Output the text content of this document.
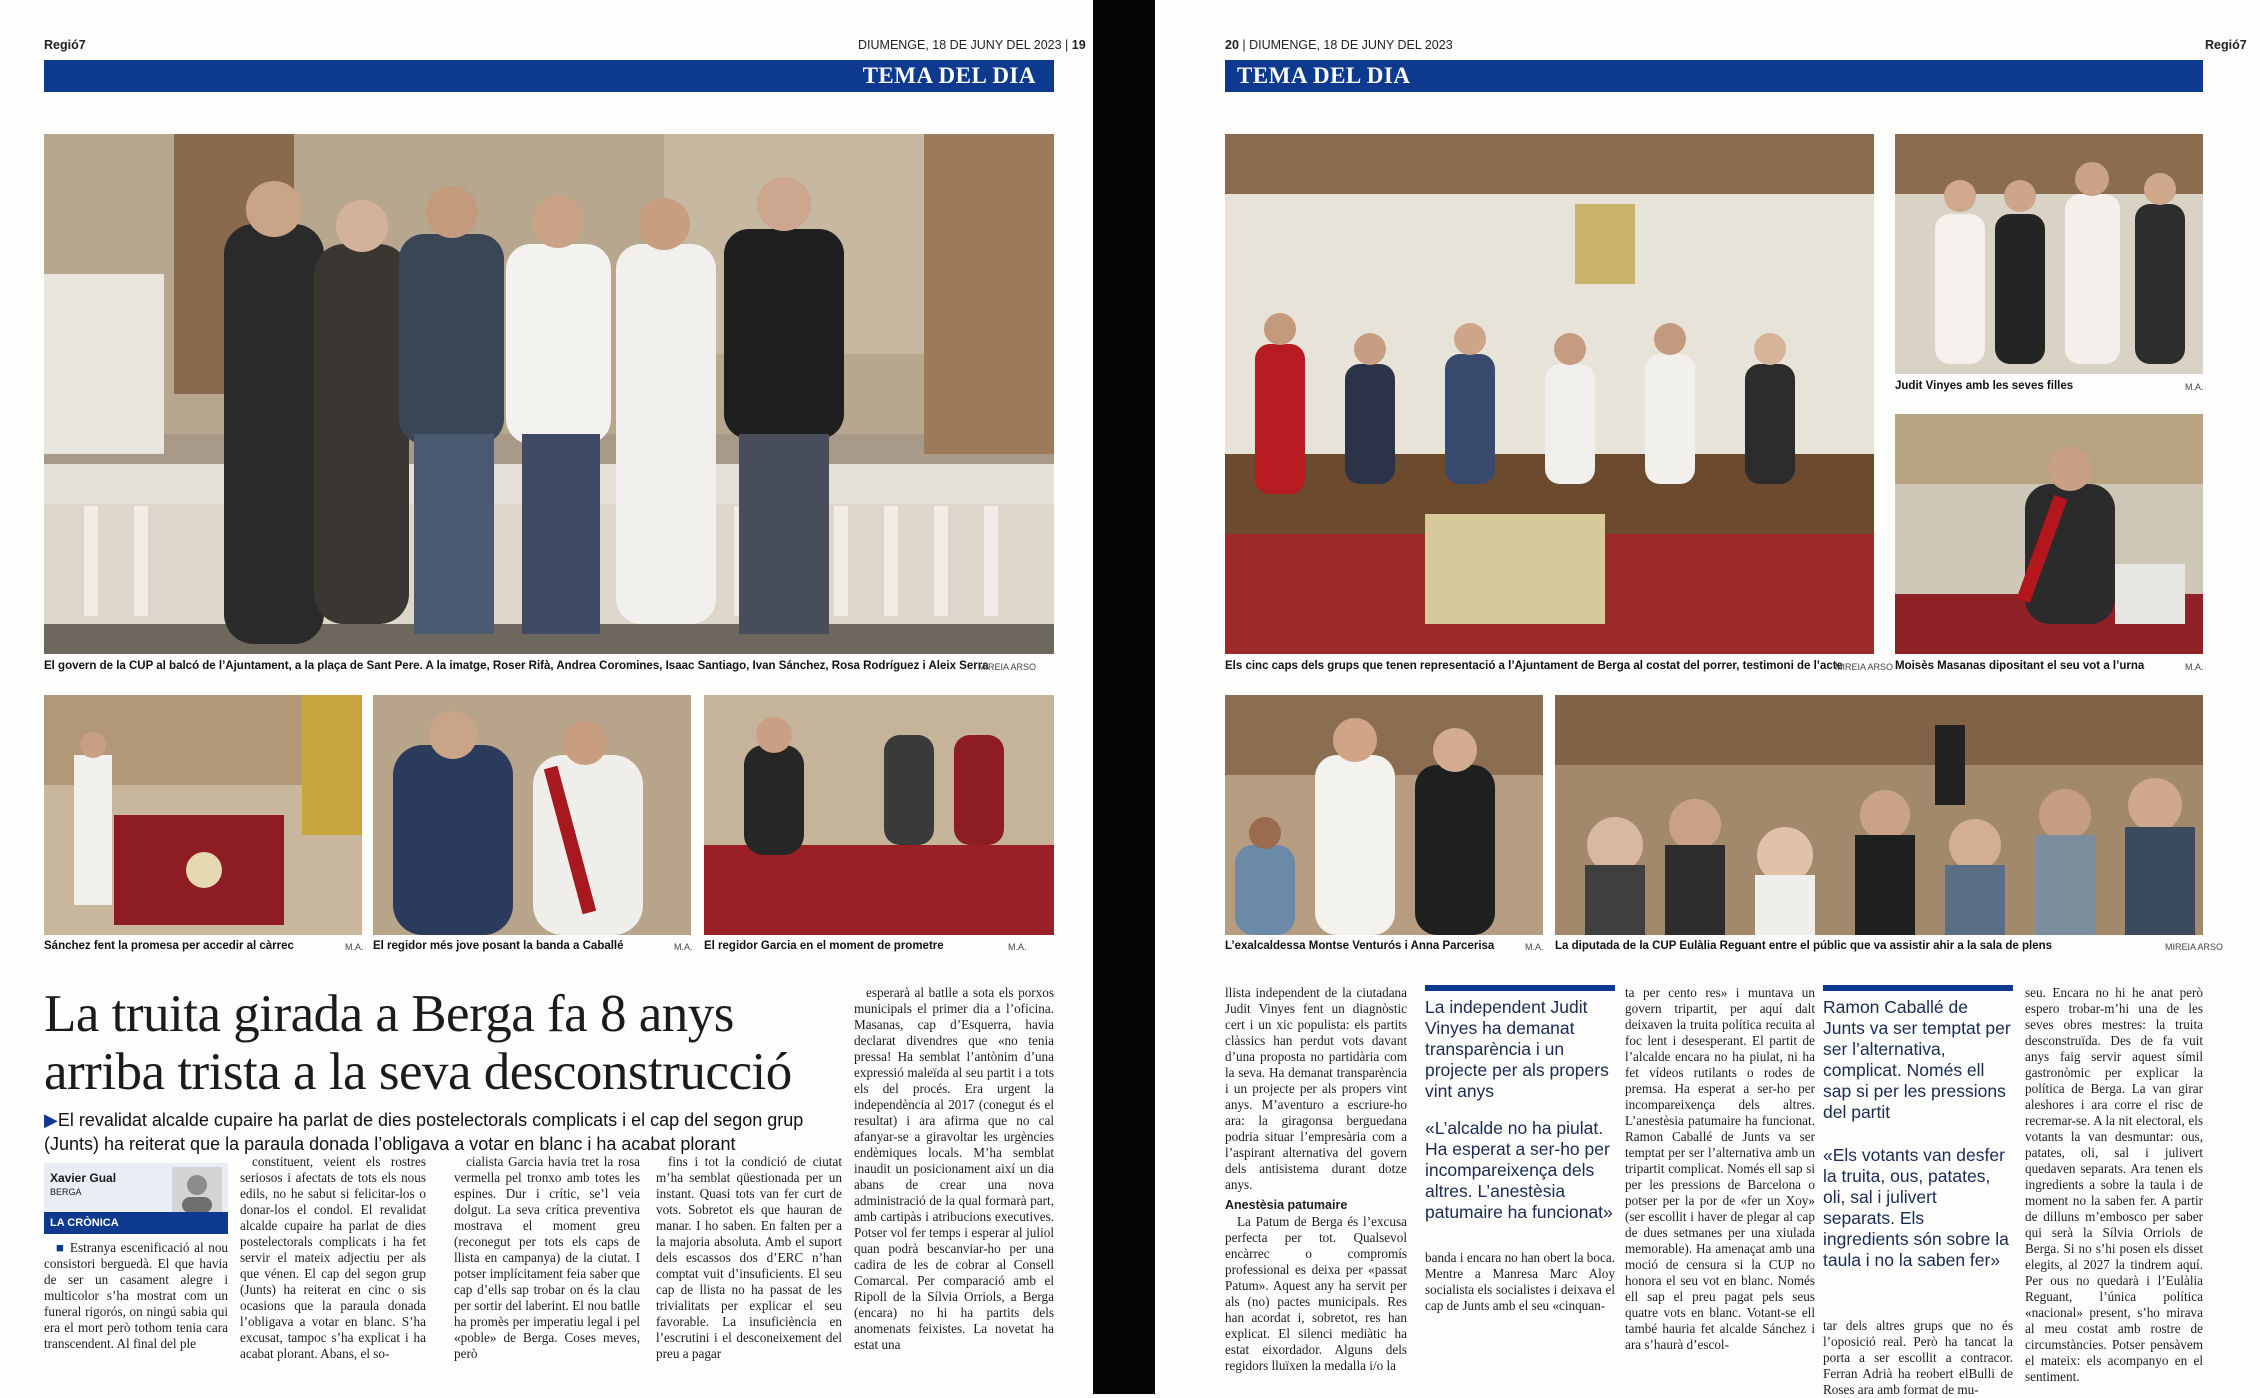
Regió7	DIUMENGE, 18 DE JUNY DEL 2023 | 19
TEMA DEL DIA
El govern de la CUP al balcó de l’Ajuntament, a la plaça de Sant Pere. A la imatge, Roser Rifà, Andrea Coromines, Isaac Santiago, Ivan Sánchez, Rosa Rodríguez i Aleix Serra
MIREIA ARSO
Sánchez fent la promesa per accedir al càrrec	M.A. El regidor més jove posant la banda a Caballé	M.A. El regidor Garcia en el moment de prometre	M.A.
La truita girada a Berga fa 8 anys
arriba trista a la seva desconstrucció
▶El revalidat alcalde cupaire ha parlat de dies postelectorals complicats i el cap del segon grup
(Junts) ha reiterat que la paraula donada l’obligava a votar en blanc i ha acabat plorant
Xavier Gual
BERGA
LA CRÒNICA

■ Estranya escenificació al nou consistori berguedà. El que havia de ser un casament alegre i multicolor s’ha mostrat com un funeral rigorós, on ningú sabia qui era el mort però tothom tenia cara transcendent. Al final del ple

constituent, veient els rostres seriosos i afectats de tots els nous edils, no he sabut si felicitar-los o donar-los el condol. El revalidat alcalde cupaire ha parlat de dies postelectorals complicats i ha fet servir el mateix adjectiu per als que vénen. El cap del segon grup (Junts) ha reiterat en cinc o sis ocasions que la paraula donada l’obligava a votar en blanc. S’ha excusat, tampoc s’ha explicat i ha acabat plorant. Abans, el so-

cialista Garcia havia tret la rosa vermella pel tronxo amb totes les espines. Dur i crític, se’l veia dolgut. La seva crítica preventiva mostrava el moment greu (reconegut per tots els caps de llista en campanya) de la ciutat. I potser implícitament feia saber que cap d’ells sap trobar on és la clau per sortir del laberint. El nou batlle ha promès per imperatiu legal i pel «poble» de Berga. Coses meves, però

fins i tot la condició de ciutat m’ha semblat qüestionada per un instant. Quasi tots van fer curt de vots. Sobretot els que hauran de manar. I ho saben. En falten per a la majoria absoluta. Amb el suport dels escassos dos d’ERC n’han comptat vuit d’insuficients. El seu cap de llista no ha passat de les trivialitats per explicar el seu favorable. La insuficiència en l’escrutini i el desconeixement del preu a pagar

esperarà al batlle a sota els porxos municipals el primer dia a l’oficina. Masanas, cap d’Esquerra, havia declarat divendres que «no tenia pressa! Ha semblat l’antònim d’una expressió maleïda al seu partit i a tots els del procés. Era urgent la independència al 2017 (conegut és el resultat) i ara afirma que no cal afanyar-se a giravoltar les urgències endèmiques locals. M’ha semblat inaudit un posicionament així un dia abans de crear una nova administració de la qual formarà part, amb cartipàs i atribucions executives. Potser vol fer temps i esperar al juliol quan podrà bescanviar-ho per una cadira de les de cobrar al Consell Comarcal. Per comparació amb el Ripoll de la Sílvia Orriols, a Berga (encara) no hi ha partits dels anomenats feixistes. La novetat ha estat una

20 | DIUMENGE, 18 DE JUNY DEL 2023	Regió7
TEMA DEL DIA
Els cinc caps dels grups que tenen representació a l’Ajuntament de Berga al costat del porrer, testimoni de l’acte
MIREIA ARSO
Judit Vinyes amb les seves filles	M.A.
Moisès Masanas dipositant el seu vot a l’urna	M.A.
L’exalcaldessa Montse Venturós i Anna Parcerisa	M.A. La diputada de la CUP Eulàlia Reguant entre el públic que va assistir ahir a la sala de plens	MIREIA ARSO

llista independent de la ciutadana Judit Vinyes fent un diagnòstic cert i un xic populista: els partits clàssics han perdut vots davant d’una proposta no partidària com la seva. Ha demanat transparència i un projecte per als propers vint anys. M’aventuro a escriure-ho ara: la giragonsa berguedana podria situar l’empresària com a l’aspirant alternativa del govern dels antisistema durant dotze anys.

Anestèsia patumaire

La Patum de Berga és l’excusa perfecta per tot. Qualsevol encàrrec o compromís professional es deixa per «passat Patum». Aquest any ha servit per als (no) pactes municipals. Res han acordat i, sobretot, res han explicat. El silenci mediàtic ha estat eixordador. Alguns dels regidors lluïxen la medalla i/o la

La independent Judit Vinyes ha demanat transparència i un projecte per als propers vint anys
«L’alcalde no ha piulat. Ha esperat a ser-ho per incompareixença dels altres. L’anestèsia patumaire ha funcionat»

banda i encara no han obert la boca. Mentre a Manresa Marc Aloy socialista els socialistes i deixava el cap de Junts amb el seu «cinquan-

ta per cento res» i muntava un govern tripartit, per aquí dalt deixaven la truita política recuita al foc lent i desesperant. El partit de l’alcalde encara no ha piulat, ni ha fet vídeos rutilants o rodes de premsa. Ha esperat a ser-ho per incompareixença dels altres. L’anestèsia patumaire ha funcionat. Ramon Caballé de Junts va ser temptat per ser l’alternativa amb un tripartit complicat. Només ell sap si per les pressions de Barcelona o potser per la por de «fer un Xoy» (ser escollit i haver de plegar al cap de dues setmanes per una xiulada memorable). Ha amenaçat amb una moció de censura si la CUP no honora el seu vot en blanc. Només ell sap el preu pagat pels seus quatre vots en blanc. Votant-se ell també hauria fet alcalde Sánchez i ara s’haurà d’escol-

Ramon Caballé de Junts va ser temptat per ser l’alternativa, complicat. Només ell sap si per les pressions del partit
«Els votants van desfer la truita, ous, patates, oli, sal i julivert separats. Els ingredients són sobre la taula i no la saben fer»

tar dels altres grups que no és l’oposició real. Però ha tancat la porta a ser escollit a contracor. Ferran Adrià ha reobert elBulli de Roses ara amb format de mu-

seu. Encara no hi he anat però espero trobar-m’hi una de les seves obres mestres: la truita desconstruïda. Des de fa vuit anys faig servir aquest símil gastronòmic per explicar la política de Berga. La van girar aleshores i ara corre el risc de recremar-se. A la nit electoral, els votants la van desmuntar: ous, patates, oli, sal i julivert quedaven separats. Ara tenen els ingredients a sobre la taula i de moment no la saben fer. A partir de dilluns m’embosco per saber qui serà la Sílvia Orriols de Berga. Si no s’hi posen els disset elegits, al 2027 la tindrem aquí. Per ous no quedarà i l’Eulàlia Reguant, l’única política «nacional» present, s’ho mirava al meu costat amb rostre de circumstàncies. Potser pensàvem el mateix: els acompanyo en el sentiment.
